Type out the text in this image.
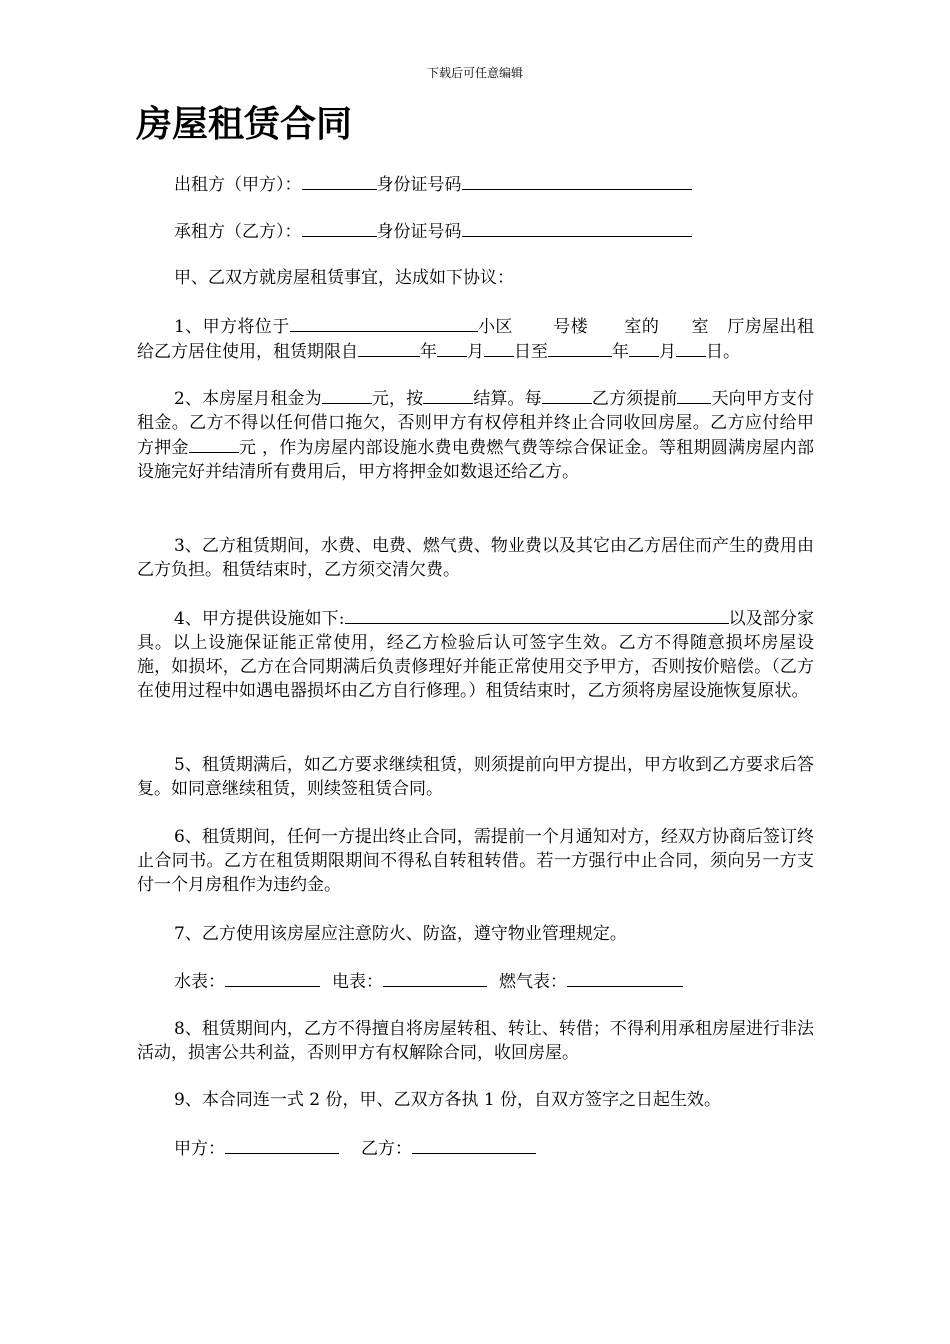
下载后可任意编辑
房屋租赁合同

出租方（甲方）：	身份证号码

承租方（乙方）：	身份证号码

甲、乙双方就房屋租赁事宜，达成如下协议：

1、甲方将位于	小区 号楼 室的 室 厅房屋出租给乙方居住使用，租赁期限自	年 月 日至	年 月 日。

2、本房屋月租金为	元，按	结算。每	乙方须提前 天向甲方支付租金。乙方不得以任何借口拖欠，否则甲方有权停租并终止合同收回房屋。乙方应付给甲方押金	元 ，作为房屋内部设施水费电费燃气费等综合保证金。等租期圆满房屋内部设施完好并结清所有费用后，甲方将押金如数退还给乙方。

3、乙方租赁期间，水费、电费、燃气费、物业费以及其它由乙方居住而产生的费用由乙方负担。租赁结束时，乙方须交清欠费。

4、甲方提供设施如下:	以及部分家具。以上设施保证能正常使用，经乙方检验后认可签字生效。乙方不得随意损坏房屋设施，如损坏，乙方在合同期满后负责修理好并能正常使用交予甲方，否则按价赔偿。（乙方在使用过程中如遇电器损坏由乙方自行修理。）租赁结束时，乙方须将房屋设施恢复原状。

5、租赁期满后，如乙方要求继续租赁，则须提前向甲方提出，甲方收到乙方要求后答复。如同意继续租赁，则续签租赁合同。

6、租赁期间，任何一方提出终止合同，需提前一个月通知对方，经双方协商后签订终止合同书。乙方在租赁期限期间不得私自转租转借。若一方强行中止合同，须向另一方支付一个月房租作为违约金。

7、乙方使用该房屋应注意防火、防盗，遵守物业管理规定。

水表：	电表：	燃气表：

8、租赁期间内，乙方不得擅自将房屋转租、转让、转借；不得利用承租房屋进行非法活动，损害公共利益，否则甲方有权解除合同，收回房屋。

9、本合同连一式 2 份，甲、乙双方各执 1 份，自双方签字之日起生效。

甲方：	乙方：
